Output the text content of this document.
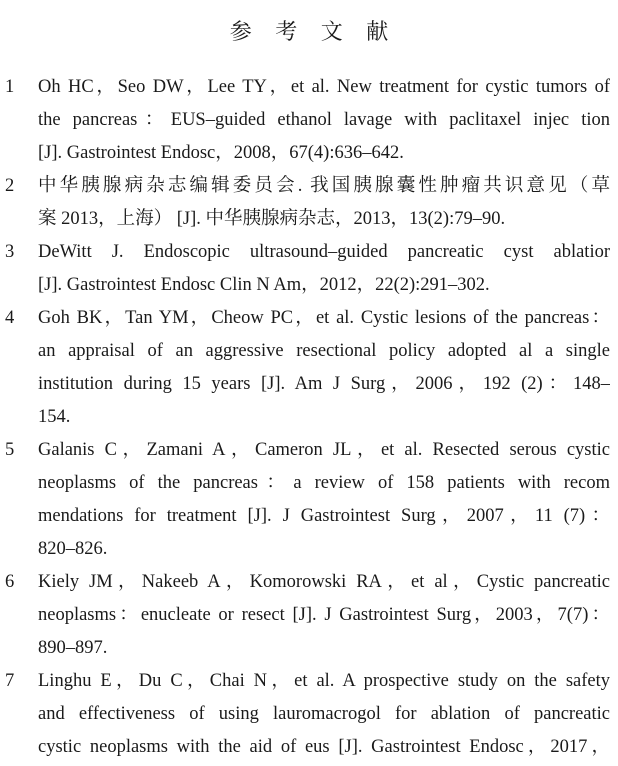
参 考 文 献
1	Oh HC，Seo DW，Lee TY，et al. New treatment for cystic tumors of
the pancreas：EUS–guided ethanol lavage with paclitaxel injec tion
[J]. Gastrointest Endosc，2008，67(4):636–642.
2	中华胰腺病杂志编辑委员会. 我国胰腺囊性肿瘤共识意见（草
案 2013，上海） [J]. 中华胰腺病杂志，2013，13(2):79–90.
3	DeWitt J. Endoscopic ultrasound–guided pancreatic cyst ablatior
[J]. Gastrointest Endosc Clin N Am，2012，22(2):291–302.
4	Goh BK，Tan YM，Cheow PC，et al. Cystic lesions of the pancreas：
an appraisal of an aggressive resectional policy adopted al a single
institution during 15 years [J]. Am J Surg，2006，192 (2)：148–
154.
5	Galanis C，Zamani A，Cameron JL，et al. Resected serous cystic
neoplasms of the pancreas：a review of 158 patients with recom
mendations for treatment [J]. J Gastrointest Surg，2007，11 (7)：
820–826.
6	Kiely JM，Nakeeb A，Komorowski RA，et al，Cystic pancreatic
neoplasms：enucleate or resect [J]. J Gastrointest Surg，2003，7(7)：
890–897.
7	Linghu E，Du C，Chai N，et al. A prospective study on the safety
and effectiveness of using lauromacrogol for ablation of pancreatic
cystic neoplasms with the aid of eus [J]. Gastrointest Endosc，2017，
